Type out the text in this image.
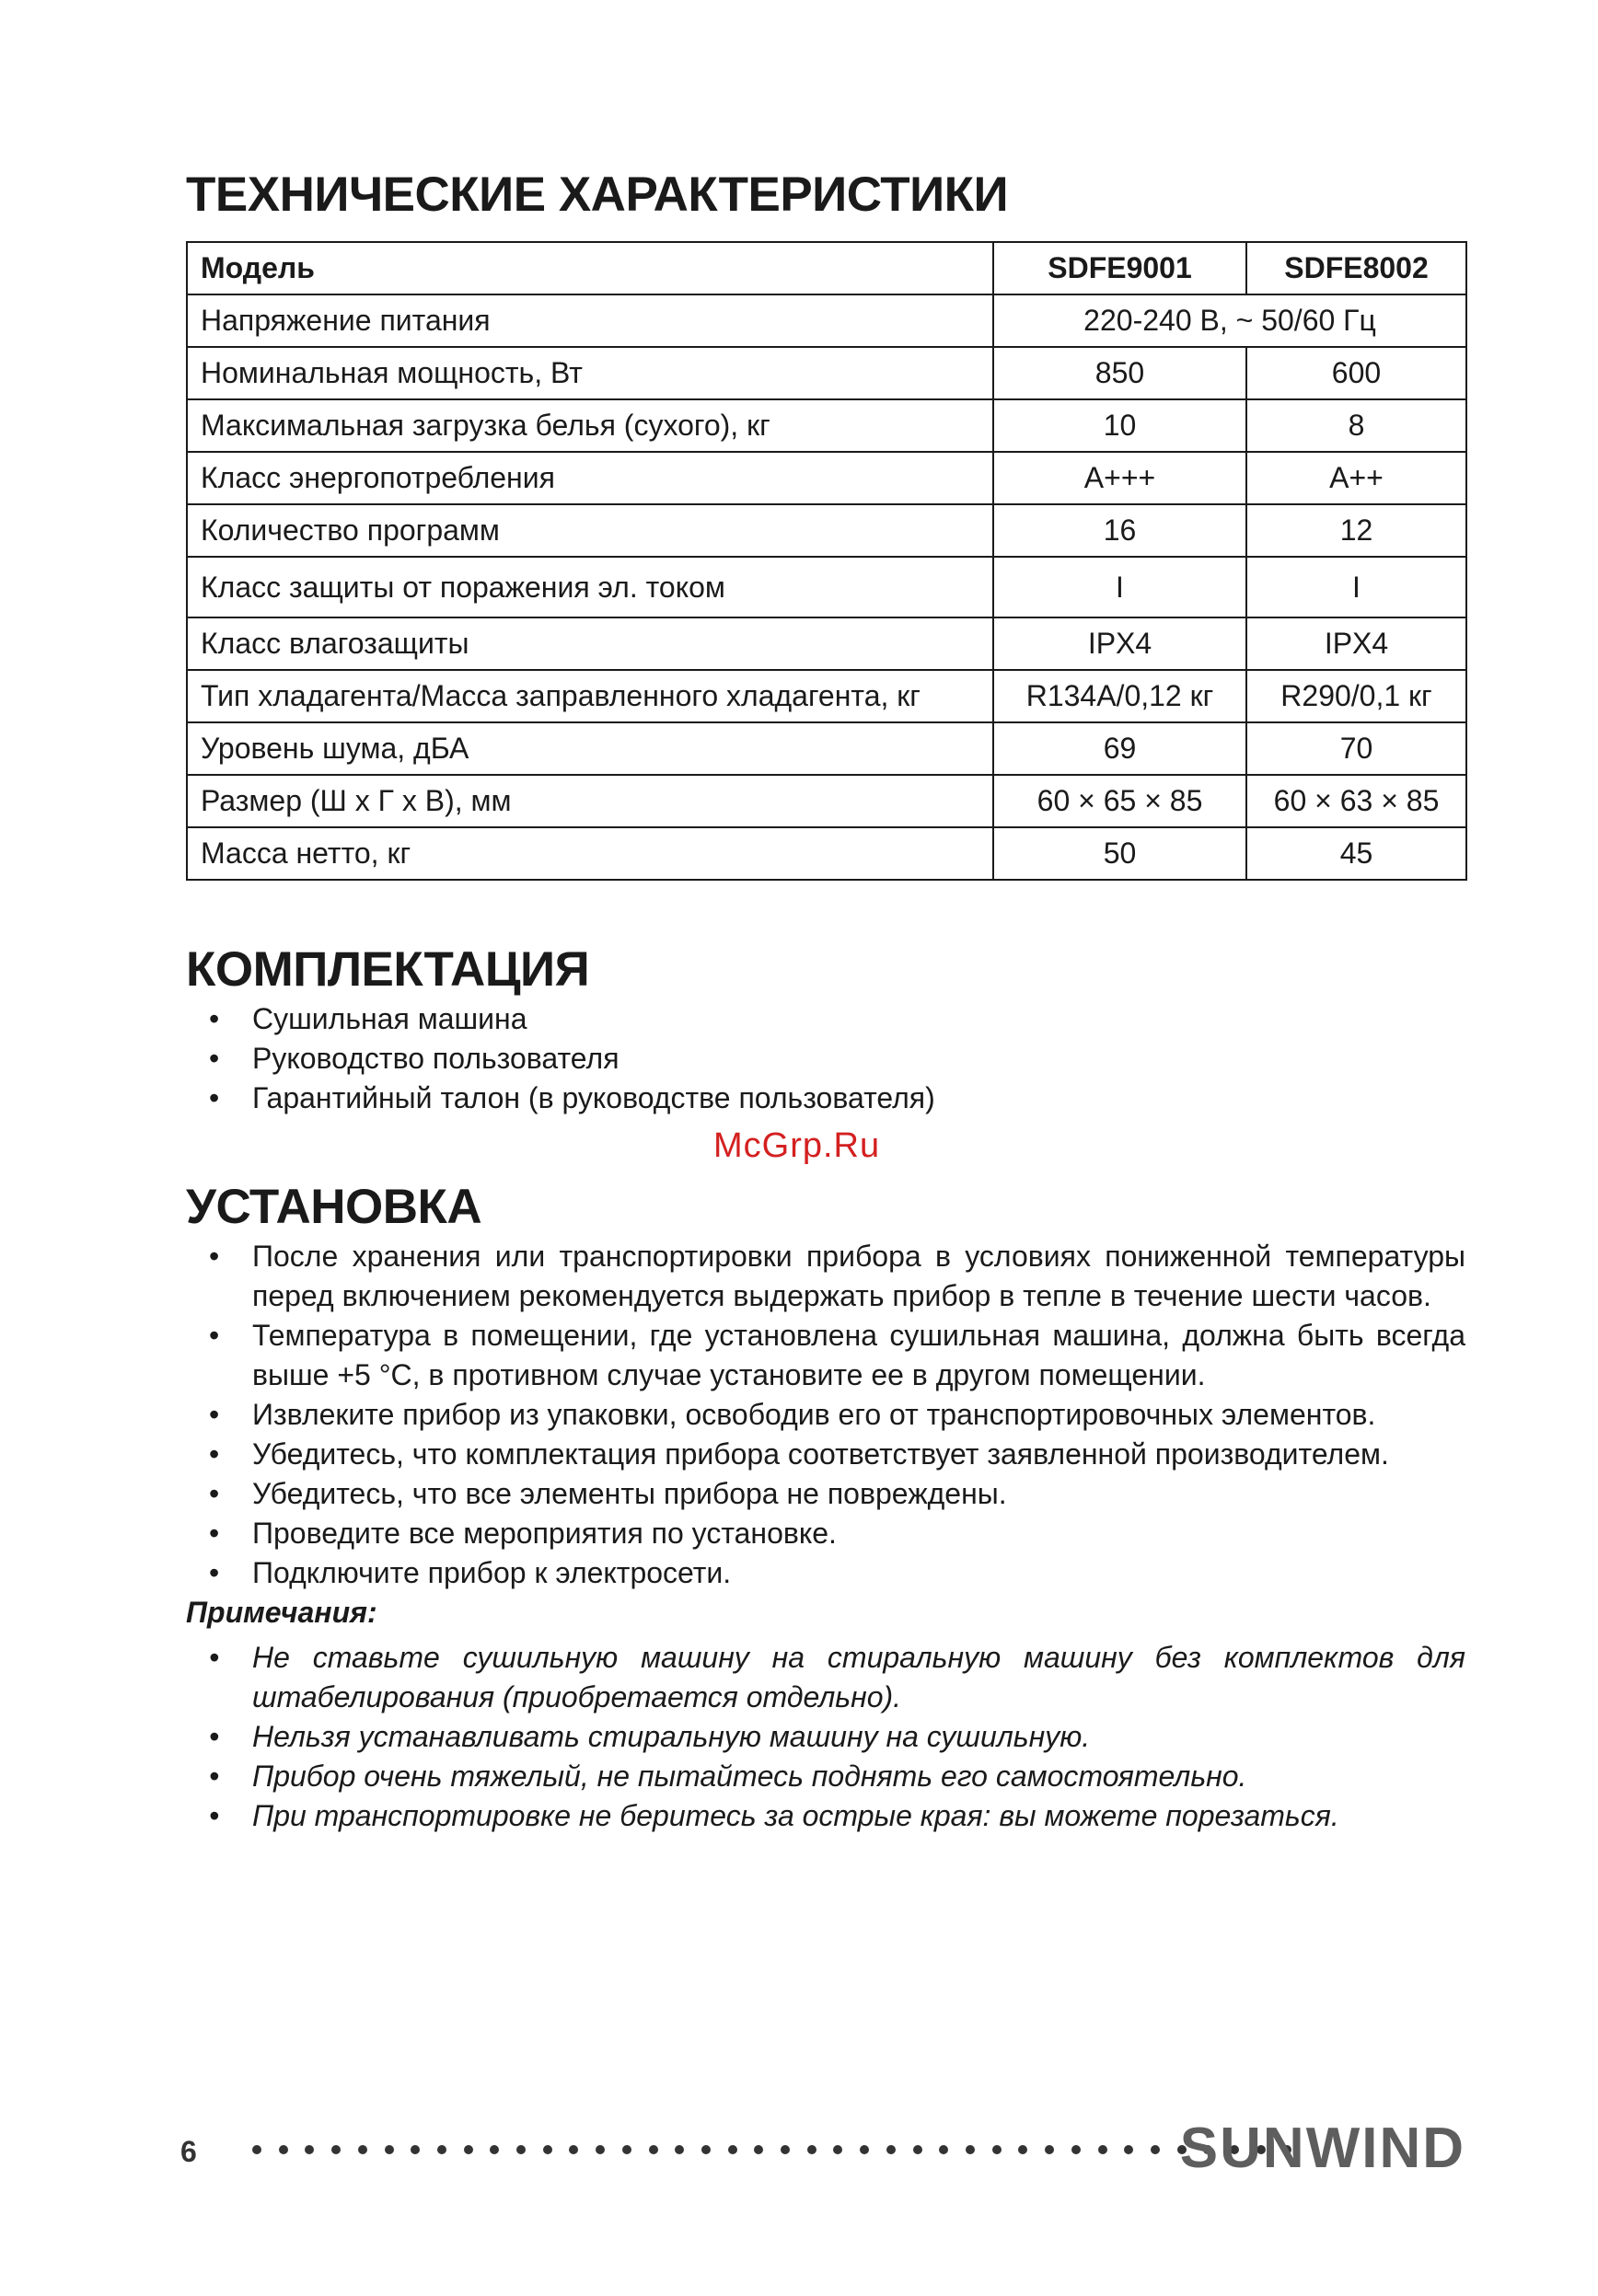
ТЕХНИЧЕСКИЕ ХАРАКТЕРИСТИКИ
Модель	SDFE9001	SDFE8002
Напряжение питания	220-240 В, ~ 50/60 Гц	
Номинальная мощность, Вт	850	600
Максимальная загрузка белья (сухого), кг	10	8
Класс энергопотребления	A+++	A++
Количество программ	16	12
Класс защиты от поражения эл. током	I	I
Класс влагозащиты	IPX4	IPX4
Тип хладагента/Масса заправленного хладагента, кг	R134A/0,12 кг	R290/0,1 кг
Уровень шума, дБА	69	70
Размер (Ш х Г х В), мм	60 × 65 × 85	60 × 63 × 85
Масса нетто, кг	50	45
КОМПЛЕКТАЦИЯ
• Сушильная машина
• Руководство пользователя
• Гарантийный талон (в руководстве пользователя)
УСТАНОВКА
• После хранения или транспортировки прибора в условиях пониженной температуры перед включением рекомендуется выдержать прибор в тепле в течение шести часов.
• Температура в помещении, где установлена сушильная машина, должна быть всегда выше +5 °C, в противном случае установите ее в другом помещении.
• Извлеките прибор из упаковки, освободив его от транспортировочных элементов.
• Убедитесь, что комплектация прибора соответствует заявленной производителем.
• Убедитесь, что все элементы прибора не повреждены.
• Проведите все мероприятия по установке.
• Подключите прибор к электросети.
Примечания:
• Не ставьте сушильную машину на стиральную машину без комплектов для штабелирования (приобретается отдельно).
• Нельзя устанавливать стиральную машину на сушильную.
• Прибор очень тяжелый, не пытайтесь поднять его самостоятельно.
• При транспортировке не беритесь за острые края: вы можете порезаться.
McGrp.Ru
6	SUNWIND
